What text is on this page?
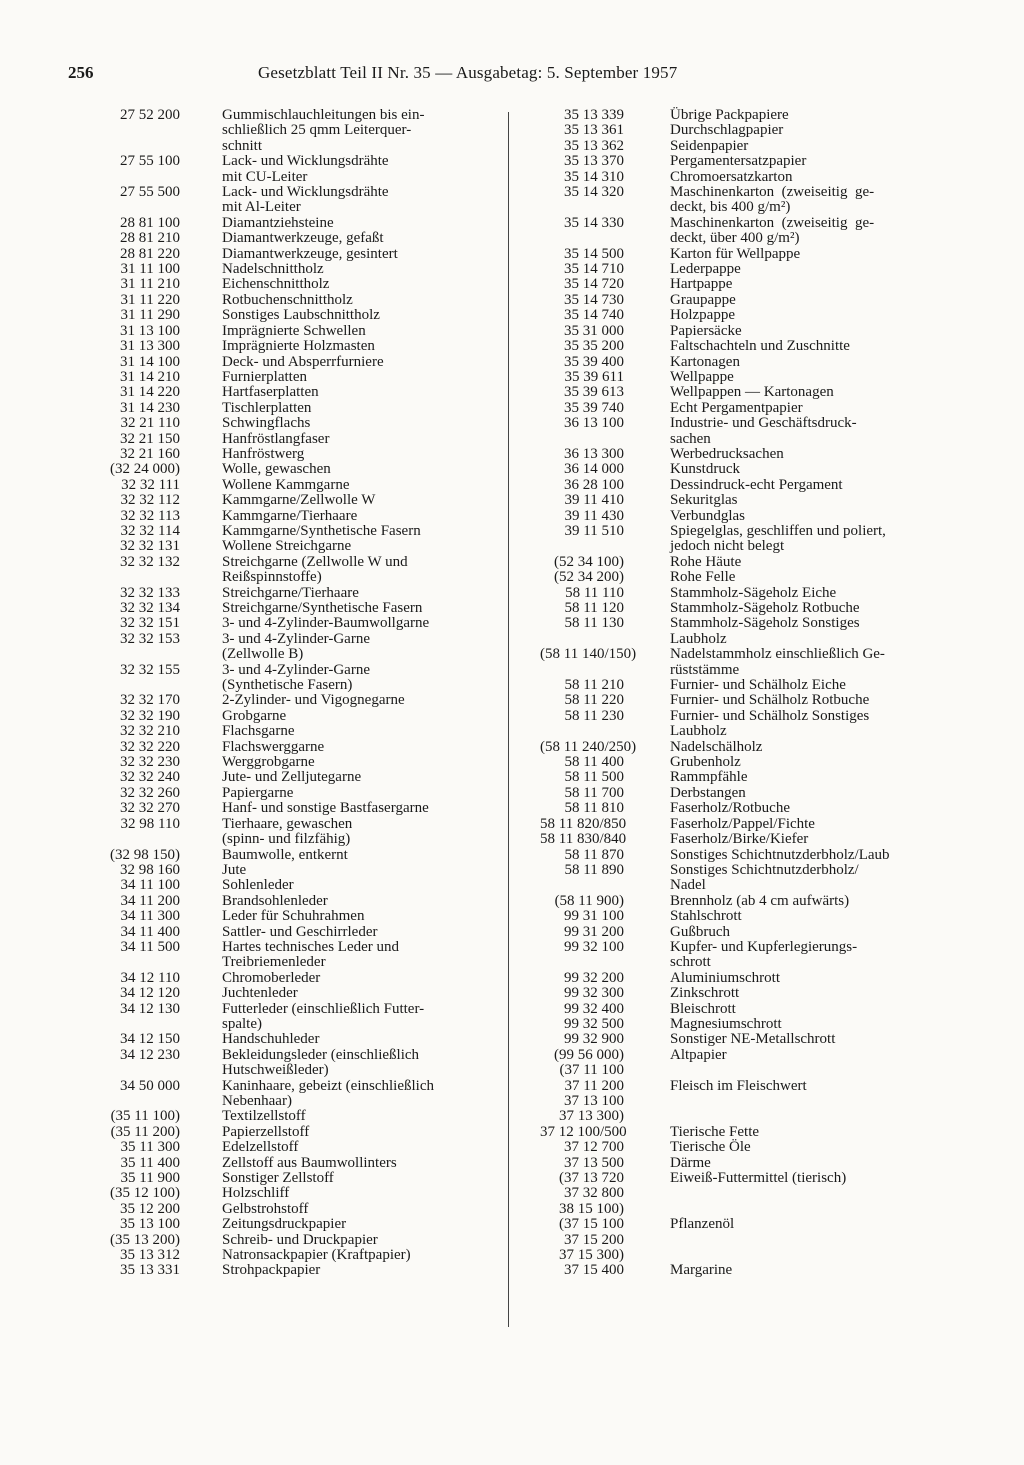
256	Gesetzblatt Teil II Nr. 35 — Ausgabetag: 5. September 1957
27 52 200	Gummischlauchleitungen bis ein-
schließlich 25 qmm Leiterquer-
schnitt
27 55 100	Lack- und Wicklungsdrähte
mit CU-Leiter
27 55 500	Lack- und Wicklungsdrähte
mit Al-Leiter
28 81 100	Diamantziehsteine
28 81 210	Diamantwerkzeuge, gefaßt
28 81 220	Diamantwerkzeuge, gesintert
31 11 100	Nadelschnittholz
31 11 210	Eichenschnittholz
31 11 220	Rotbuchenschnittholz
31 11 290	Sonstiges Laubschnittholz
31 13 100	Imprägnierte Schwellen
31 13 300	Imprägnierte Holzmasten
31 14 100	Deck- und Absperrfurniere
31 14 210	Furnierplatten
31 14 220	Hartfaserplatten
31 14 230	Tischlerplatten
32 21 110	Schwingflachs
32 21 150	Hanfröstlangfaser
32 21 160	Hanfröstwerg
(32 24 000)	Wolle, gewaschen
32 32 111	Wollene Kammgarne
32 32 112	Kammgarne/Zellwolle W
32 32 113	Kammgarne/Tierhaare
32 32 114	Kammgarne/Synthetische Fasern
32 32 131	Wollene Streichgarne
32 32 132	Streichgarne (Zellwolle W und
Reißspinnstoffe)
32 32 133	Streichgarne/Tierhaare
32 32 134	Streichgarne/Synthetische Fasern
32 32 151	3- und 4-Zylinder-Baumwollgarne
32 32 153	3- und 4-Zylinder-Garne
(Zellwolle B)
32 32 155	3- und 4-Zylinder-Garne
(Synthetische Fasern)
32 32 170	2-Zylinder- und Vigognegarne
32 32 190	Grobgarne
32 32 210	Flachsgarne
32 32 220	Flachswerggarne
32 32 230	Werggrobgarne
32 32 240	Jute- und Zelljutegarne
32 32 260	Papiergarne
32 32 270	Hanf- und sonstige Bastfasergarne
32 98 110	Tierhaare, gewaschen
(spinn- und filzfähig)
(32 98 150)	Baumwolle, entkernt
32 98 160	Jute
34 11 100	Sohlenleder
34 11 200	Brandsohlenleder
34 11 300	Leder für Schuhrahmen
34 11 400	Sattler- und Geschirrleder
34 11 500	Hartes technisches Leder und
Treibriemenleder
34 12 110	Chromoberleder
34 12 120	Juchtenleder
34 12 130	Futterleder (einschließlich Futter-
spalte)
34 12 150	Handschuhleder
34 12 230	Bekleidungsleder (einschließlich
Hutschweißleder)
34 50 000	Kaninhaare, gebeizt (einschließlich
Nebenhaar)
(35 11 100)	Textilzellstoff
(35 11 200)	Papierzellstoff
35 11 300	Edelzellstoff
35 11 400	Zellstoff aus Baumwollinters
35 11 900	Sonstiger Zellstoff
(35 12 100)	Holzschliff
35 12 200	Gelbstrohstoff
35 13 100	Zeitungsdruckpapier
(35 13 200)	Schreib- und Druckpapier
35 13 312	Natronsackpapier (Kraftpapier)
35 13 331	Strohpackpapier
35 13 339	Übrige Packpapiere
35 13 361	Durchschlagpapier
35 13 362	Seidenpapier
35 13 370	Pergamentersatzpapier
35 14 310	Chromoersatzkarton
35 14 320	Maschinenkarton  (zweiseitig  ge-
deckt, bis 400 g/m²)
35 14 330	Maschinenkarton  (zweiseitig  ge-
deckt, über 400 g/m²)
35 14 500	Karton für Wellpappe
35 14 710	Lederpappe
35 14 720	Hartpappe
35 14 730	Graupappe
35 14 740	Holzpappe
35 31 000	Papiersäcke
35 35 200	Faltschachteln und Zuschnitte
35 39 400	Kartonagen
35 39 611	Wellpappe
35 39 613	Wellpappen — Kartonagen
35 39 740	Echt Pergamentpapier
36 13 100	Industrie- und Geschäftsdruck-
sachen
36 13 300	Werbedrucksachen
36 14 000	Kunstdruck
36 28 100	Dessindruck-echt Pergament
39 11 410	Sekuritglas
39 11 430	Verbundglas
39 11 510	Spiegelglas, geschliffen und poliert,
jedoch nicht belegt
(52 34 100)	Rohe Häute
(52 34 200)	Rohe Felle
58 11 110	Stammholz-Sägeholz Eiche
58 11 120	Stammholz-Sägeholz Rotbuche
58 11 130	Stammholz-Sägeholz Sonstiges
Laubholz
(58 11 140/150) Nadelstammholz einschließlich Ge-
rüststämme
58 11 210	Furnier- und Schälholz Eiche
58 11 220	Furnier- und Schälholz Rotbuche
58 11 230	Furnier- und Schälholz Sonstiges
Laubholz
(58 11 240/250) Nadelschälholz
58 11 400	Grubenholz
58 11 500	Rammpfähle
58 11 700	Derbstangen
58 11 810	Faserholz/Rotbuche
58 11 820/850	Faserholz/Pappel/Fichte
58 11 830/840	Faserholz/Birke/Kiefer
58 11 870	Sonstiges Schichtnutzderbholz/Laub
58 11 890	Sonstiges Schichtnutzderbholz/
Nadel
(58 11 900)	Brennholz (ab 4 cm aufwärts)
99 31 100	Stahlschrott
99 31 200	Gußbruch
99 32 100	Kupfer- und Kupferlegierungs-
schrott
99 32 200	Aluminiumschrott
99 32 300	Zinkschrott
99 32 400	Bleischrott
99 32 500	Magnesiumschrott
99 32 900	Sonstiger NE-Metallschrott
(99 56 000)	Altpapier
(37 11 100
37 11 200	Fleisch im Fleischwert
37 13 100
37 13 300)
37 12 100/500	Tierische Fette
37 12 700	Tierische Öle
37 13 500	Därme
(37 13 720	Eiweiß-Futtermittel (tierisch)
37 32 800
38 15 100)
(37 15 100	Pflanzenöl
37 15 200
37 15 300)
37 15 400	Margarine
